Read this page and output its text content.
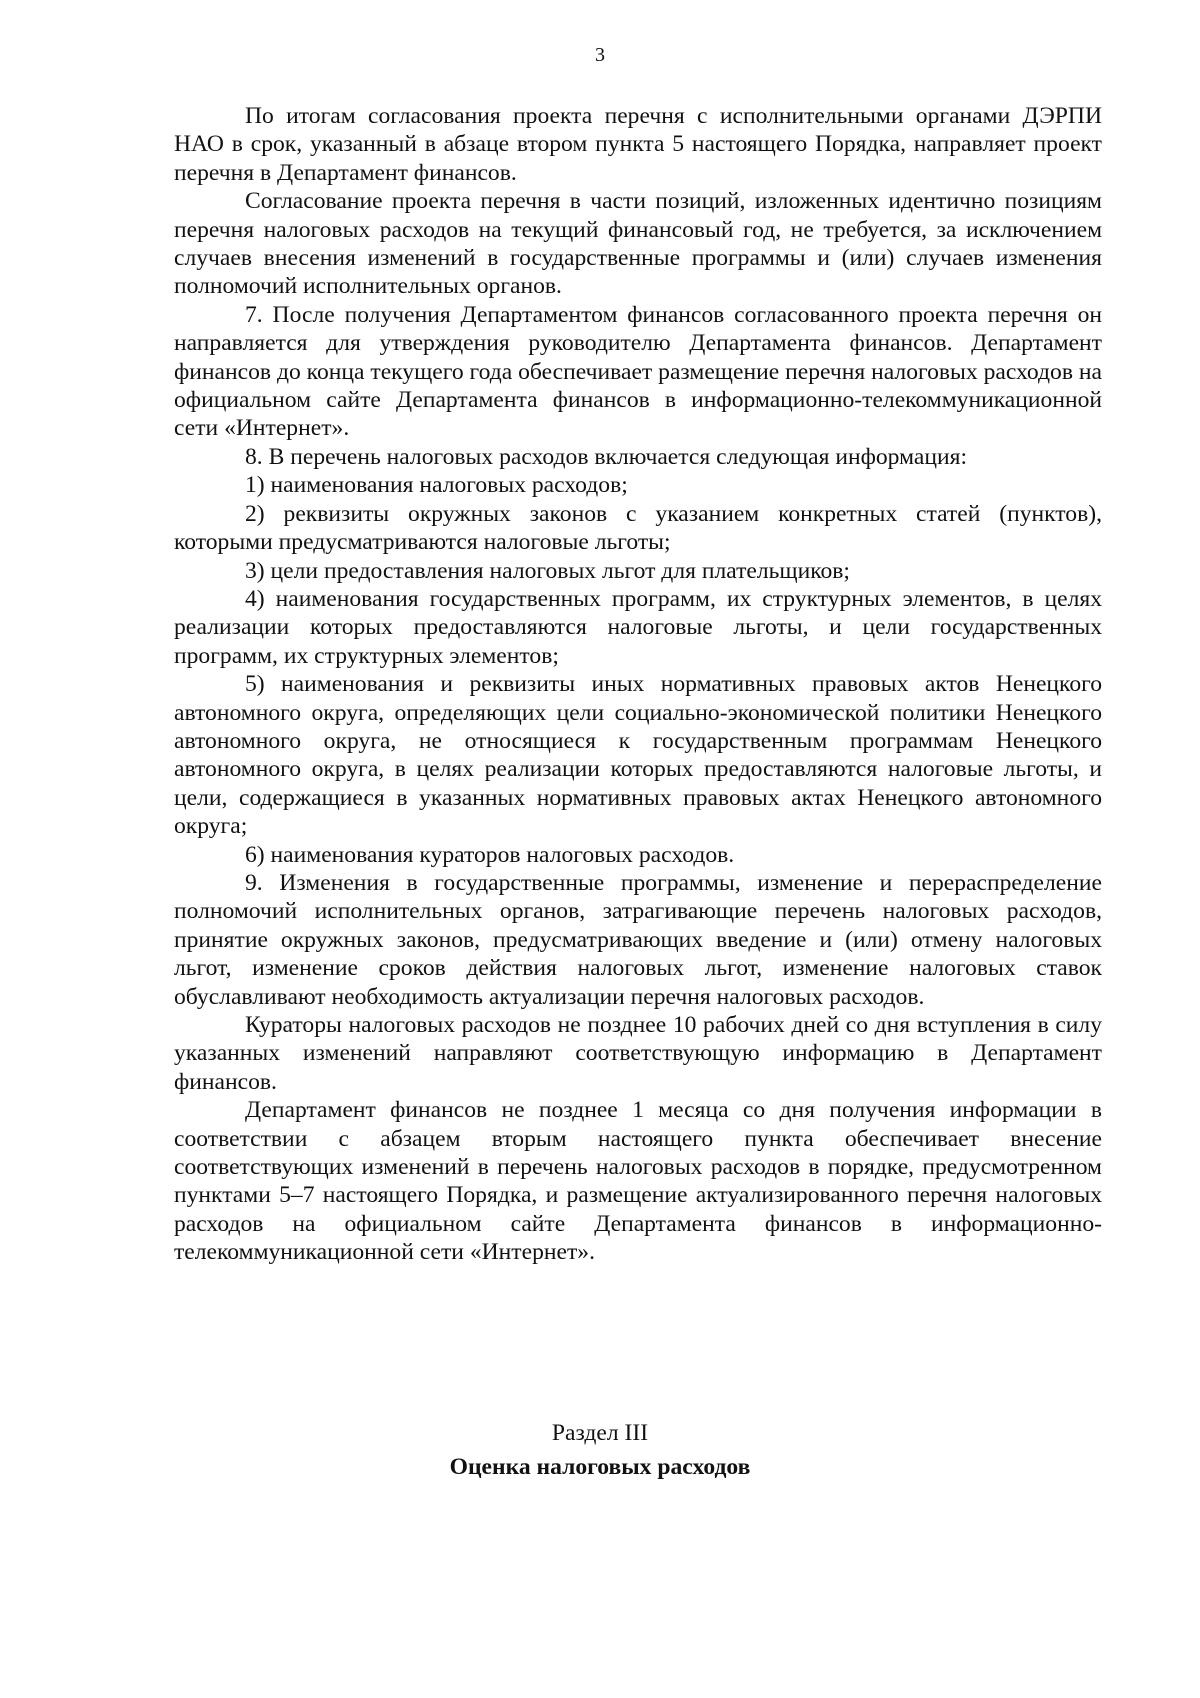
3

По итогам согласования проекта перечня с исполнительными органами ДЭРПИ НАО в срок, указанный в абзаце втором пункта 5 настоящего Порядка, направляет проект перечня в Департамент финансов.

Согласование проекта перечня в части позиций, изложенных идентично позициям перечня налоговых расходов на текущий финансовый год, не требуется, за исключением случаев внесения изменений в государственные программы и (или) случаев изменения полномочий исполнительных органов.

7. После получения Департаментом финансов согласованного проекта перечня он направляется для утверждения руководителю Департамента финансов. Департамент финансов до конца текущего года обеспечивает размещение перечня налоговых расходов на официальном сайте Департамента финансов в информационно-телекоммуникационной сети «Интернет».

8. В перечень налоговых расходов включается следующая информация:

1) наименования налоговых расходов;

2) реквизиты окружных законов с указанием конкретных статей (пунктов), которыми предусматриваются налоговые льготы;

3) цели предоставления налоговых льгот для плательщиков;

4) наименования государственных программ, их структурных элементов, в целях реализации которых предоставляются налоговые льготы, и цели государственных программ, их структурных элементов;

5) наименования и реквизиты иных нормативных правовых актов Ненецкого автономного округа, определяющих цели социально-экономической политики Ненецкого автономного округа, не относящиеся к государственным программам Ненецкого автономного округа, в целях реализации которых предоставляются налоговые льготы, и цели, содержащиеся в указанных нормативных правовых актах Ненецкого автономного округа;

6) наименования кураторов налоговых расходов.

9. Изменения в государственные программы, изменение и перераспределение полномочий исполнительных органов, затрагивающие перечень налоговых расходов, принятие окружных законов, предусматривающих введение и (или) отмену налоговых льгот, изменение сроков действия налоговых льгот, изменение налоговых ставок обуславливают необходимость актуализации перечня налоговых расходов.

Кураторы налоговых расходов не позднее 10 рабочих дней со дня вступления в силу указанных изменений направляют соответствующую информацию в Департамент финансов.

Департамент финансов не позднее 1 месяца со дня получения информации в соответствии с абзацем вторым настоящего пункта обеспечивает внесение соответствующих изменений в перечень налоговых расходов в порядке, предусмотренном пунктами 5–7 настоящего Порядка, и размещение актуализированного перечня налоговых расходов на официальном сайте Департамента финансов в информационно-телекоммуникационной сети «Интернет».

Раздел III
Оценка налоговых расходов
